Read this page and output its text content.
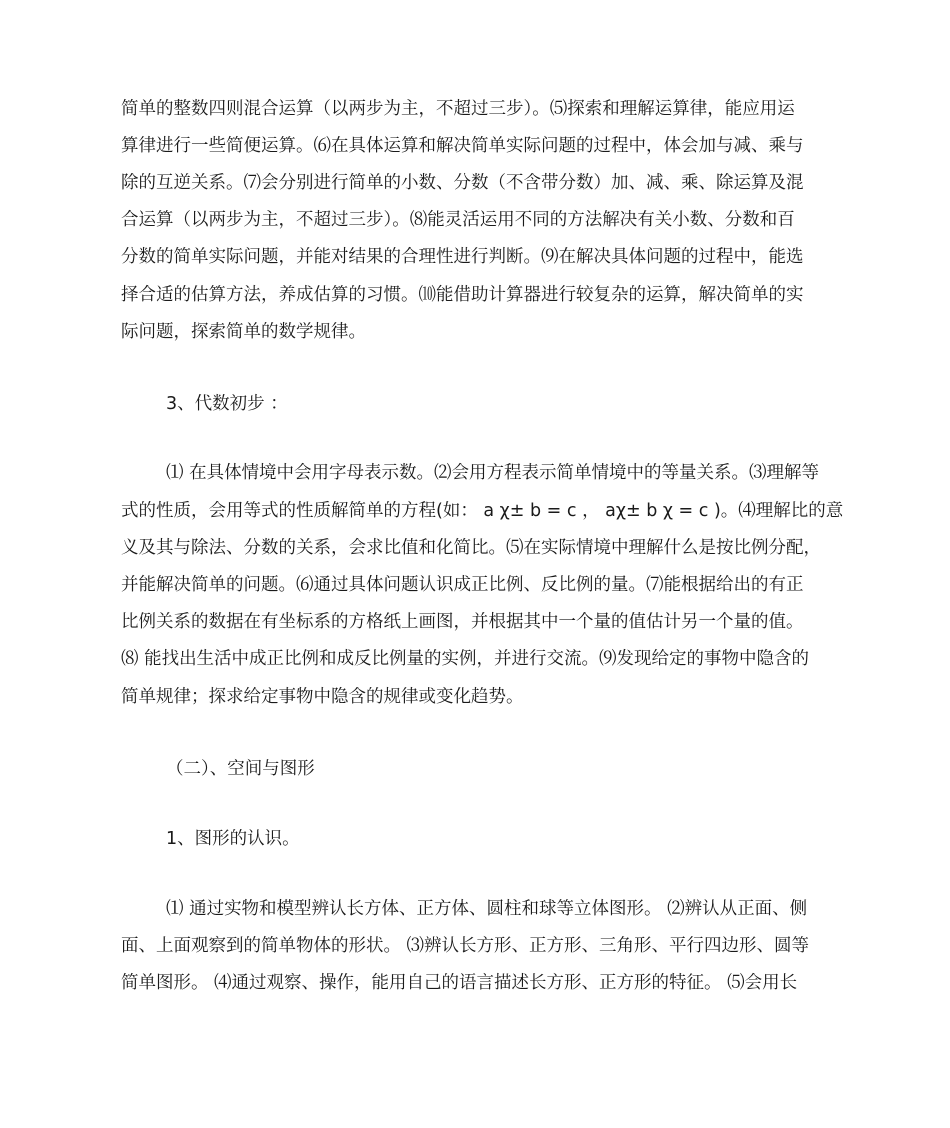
简单的整数四则混合运算（以两步为主，不超过三步）。⑸探索和理解运算律，能应用运
算律进行一些简便运算。⑹在具体运算和解决简单实际问题的过程中，体会加与减、乘与
除的互逆关系。⑺会分别进行简单的小数、分数（不含带分数）加、减、乘、除运算及混
合运算（以两步为主，不超过三步）。⑻能灵活运用不同的方法解决有关小数、分数和百
分数的简单实际问题，并能对结果的合理性进行判断。⑼在解决具体问题的过程中，能选
择合适的估算方法，养成估算的习惯。⑽能借助计算器进行较复杂的运算，解决简单的实
际问题，探索简单的数学规律。
3、代数初步 ：
⑴ 在具体情境中会用字母表示数。⑵会用方程表示简单情境中的等量关系。⑶理解等
式的性质，会用等式的性质解简单的方程(如： a χ± b = c ， aχ± b χ = c )。⑷理解比的意
义及其与除法、分数的关系，会求比值和化简比。⑸在实际情境中理解什么是按比例分配，
并能解决简单的问题。⑹通过具体问题认识成正比例、反比例的量。⑺能根据给出的有正
比例关系的数据在有坐标系的方格纸上画图，并根据其中一个量的值估计另一个量的值。
⑻ 能找出生活中成正比例和成反比例量的实例，并进行交流。⑼发现给定的事物中隐含的
简单规律；探求给定事物中隐含的规律或变化趋势。
（二）、空间与图形
1、图形的认识。
⑴ 通过实物和模型辨认长方体、正方体、圆柱和球等立体图形。 ⑵辨认从正面、侧
面、上面观察到的简单物体的形状。 ⑶辨认长方形、正方形、三角形、平行四边形、圆等
简单图形。 ⑷通过观察、操作，能用自己的语言描述长方形、正方形的特征。 ⑸会用长
